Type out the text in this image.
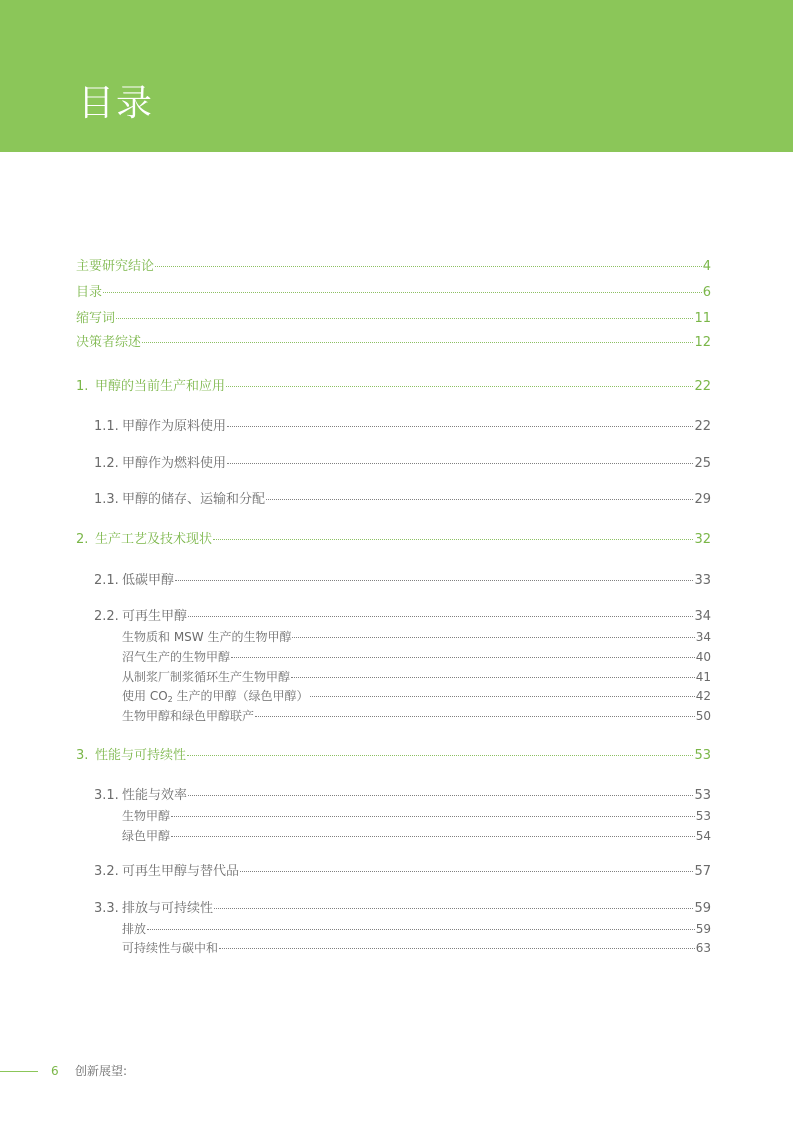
目录
主要研究结论	4
目录	6
缩写词	11
决策者综述	12
1. 甲醇的当前生产和应用	22
1.1. 甲醇作为原料使用	22
1.2. 甲醇作为燃料使用	25
1.3. 甲醇的储存、运输和分配	29
2. 生产工艺及技术现状	32
2.1. 低碳甲醇	33
2.2. 可再生甲醇	34
生物质和 MSW 生产的生物甲醇	34
沼气生产的生物甲醇	40
从制浆厂制浆循环生产生物甲醇	41
使用 $CO_2$ 生产的甲醇（绿色甲醇）	42
生物甲醇和绿色甲醇联产	50
3. 性能与可持续性	53
3.1. 性能与效率	53
生物甲醇	53
绿色甲醇	54
3.2. 可再生甲醇与替代品	57
3.3. 排放与可持续性	59
排放	59
可持续性与碳中和	63
6 创新展望:
